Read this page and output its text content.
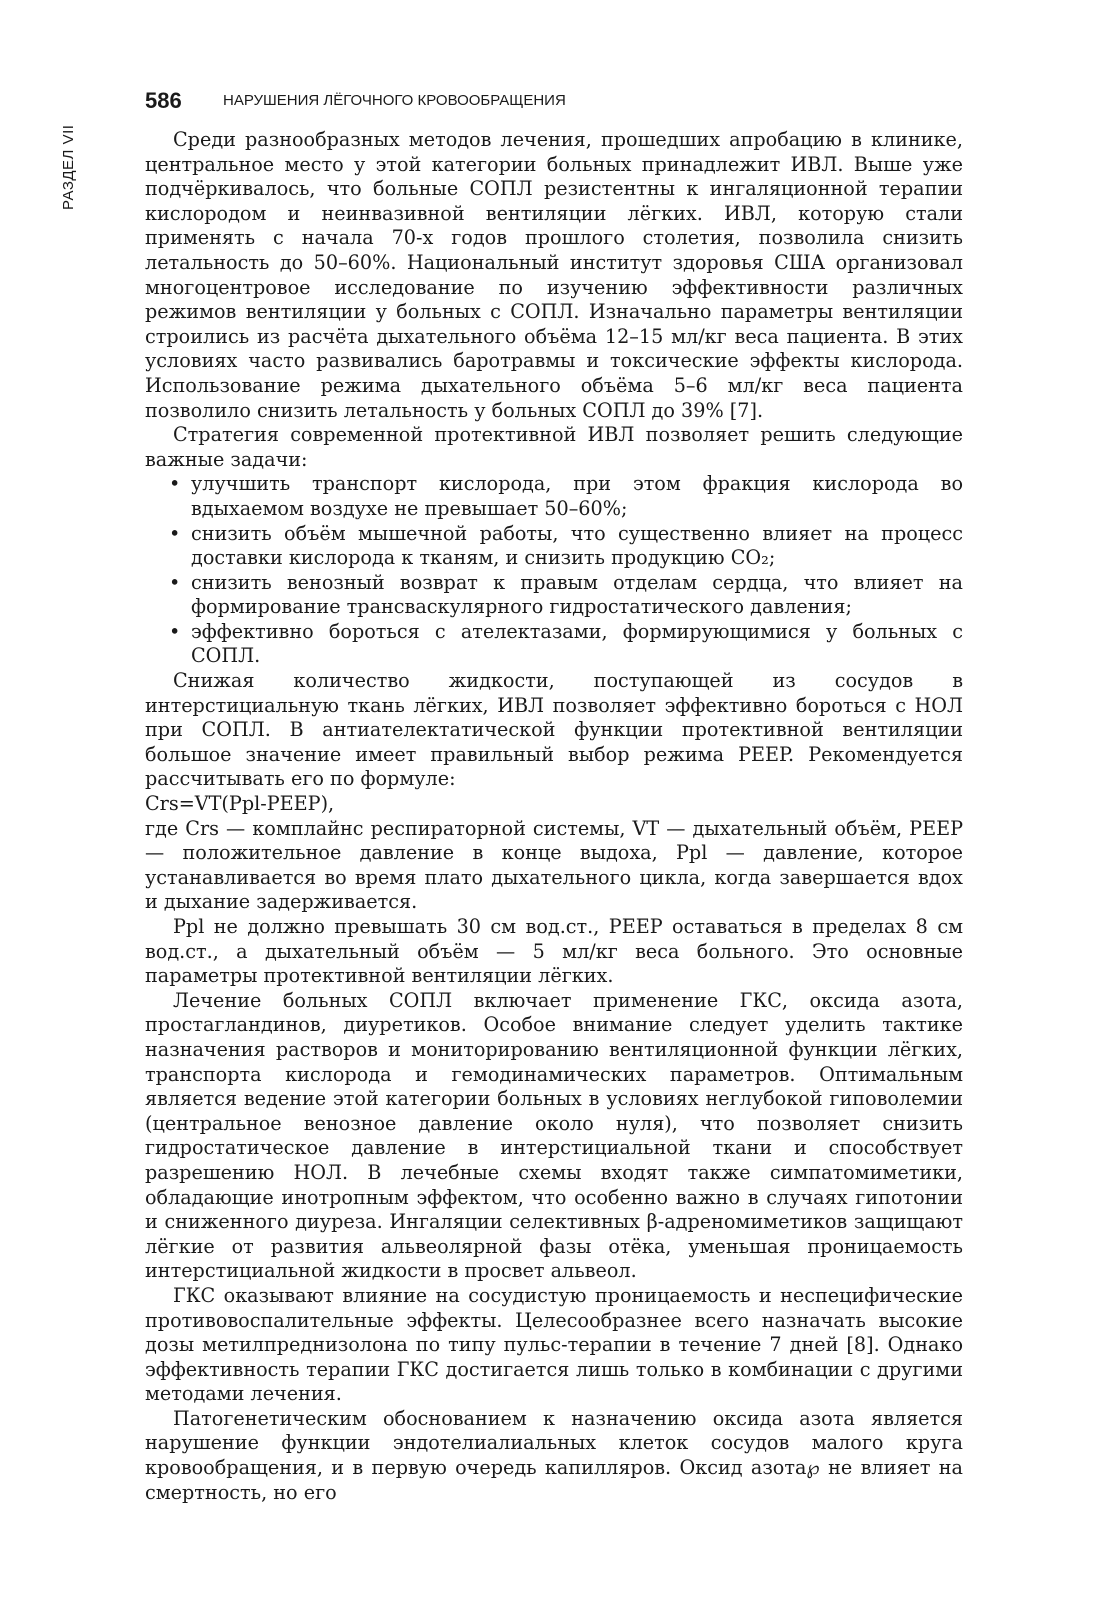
РАЗДЕЛ VII
586	НАРУШЕНИЯ ЛЁГОЧНОГО КРОВООБРАЩЕНИЯ

Среди разнообразных методов лечения, прошедших апробацию в клинике, центральное место у этой категории больных принадлежит ИВЛ. Выше уже подчёркивалось, что больные СОПЛ резистентны к ингаляционной терапии кислородом и неинвазивной вентиляции лёгких. ИВЛ, которую стали применять с начала 70-х годов прошлого столетия, позволила снизить летальность до 50–60%. Национальный институт здоровья США организовал многоцентровое исследование по изучению эффективности различных режимов вентиляции у больных с СОПЛ. Изначально параметры вентиляции строились из расчёта дыхательного объёма 12–15 мл/кг веса пациента. В этих условиях часто развивались баротравмы и токсические эффекты кислорода. Использование режима дыхательного объёма 5–6 мл/кг веса пациента позволило снизить летальность у больных СОПЛ до 39% [7].

Стратегия современной протективной ИВЛ позволяет решить следующие важные задачи:

• улучшить транспорт кислорода, при этом фракция кислорода во вдыхаемом воздухе не превышает 50–60%;
• снизить объём мышечной работы, что существенно влияет на процесс доставки кислорода к тканям, и снизить продукцию CO₂;
• снизить венозный возврат к правым отделам сердца, что влияет на формирование трансваскулярного гидростатического давления;
• эффективно бороться с ателектазами, формирующимися у больных с СОПЛ.

Снижая количество жидкости, поступающей из сосудов в интерстициальную ткань лёгких, ИВЛ позволяет эффективно бороться с НОЛ при СОПЛ. В антиателектатической функции протективной вентиляции большое значение имеет правильный выбор режима PEEP. Рекомендуется рассчитывать его по формуле:

Crs=VT(Ppl-PEEP),

где Crs — комплайнс респираторной системы, VT — дыхательный объём, PEEP — положительное давление в конце выдоха, Ppl — давление, которое устанавливается во время плато дыхательного цикла, когда завершается вдох и дыхание задерживается.

Ppl не должно превышать 30 см вод.ст., PEEP оставаться в пределах 8 см вод.ст., а дыхательный объём — 5 мл/кг веса больного. Это основные параметры протективной вентиляции лёгких.

Лечение больных СОПЛ включает применение ГКС, оксида азота, простагландинов, диуретиков. Особое внимание следует уделить тактике назначения растворов и мониторированию вентиляционной функции лёгких, транспорта кислорода и гемодинамических параметров. Оптимальным является ведение этой категории больных в условиях неглубокой гиповолемии (центральное венозное давление около нуля), что позволяет снизить гидростатическое давление в интерстициальной ткани и способствует разрешению НОЛ. В лечебные схемы входят также симпатомиметики, обладающие инотропным эффектом, что особенно важно в случаях гипотонии и сниженного диуреза. Ингаляции селективных β-адреномиметиков защищают лёгкие от развития альвеолярной фазы отёка, уменьшая проницаемость интерстициальной жидкости в просвет альвеол.

ГКС оказывают влияние на сосудистую проницаемость и неспецифические противовоспалительные эффекты. Целесообразнее всего назначать высокие дозы метилпреднизолона по типу пульс-терапии в течение 7 дней [8]. Однако эффективность терапии ГКС достигается лишь только в комбинации с другими методами лечения.

Патогенетическим обоснованием к назначению оксида азота является нарушение функции эндотелиалиальных клеток сосудов малого круга кровообращения, и в первую очередь капилляров. Оксид азота℘ не влияет на смертность, но его
